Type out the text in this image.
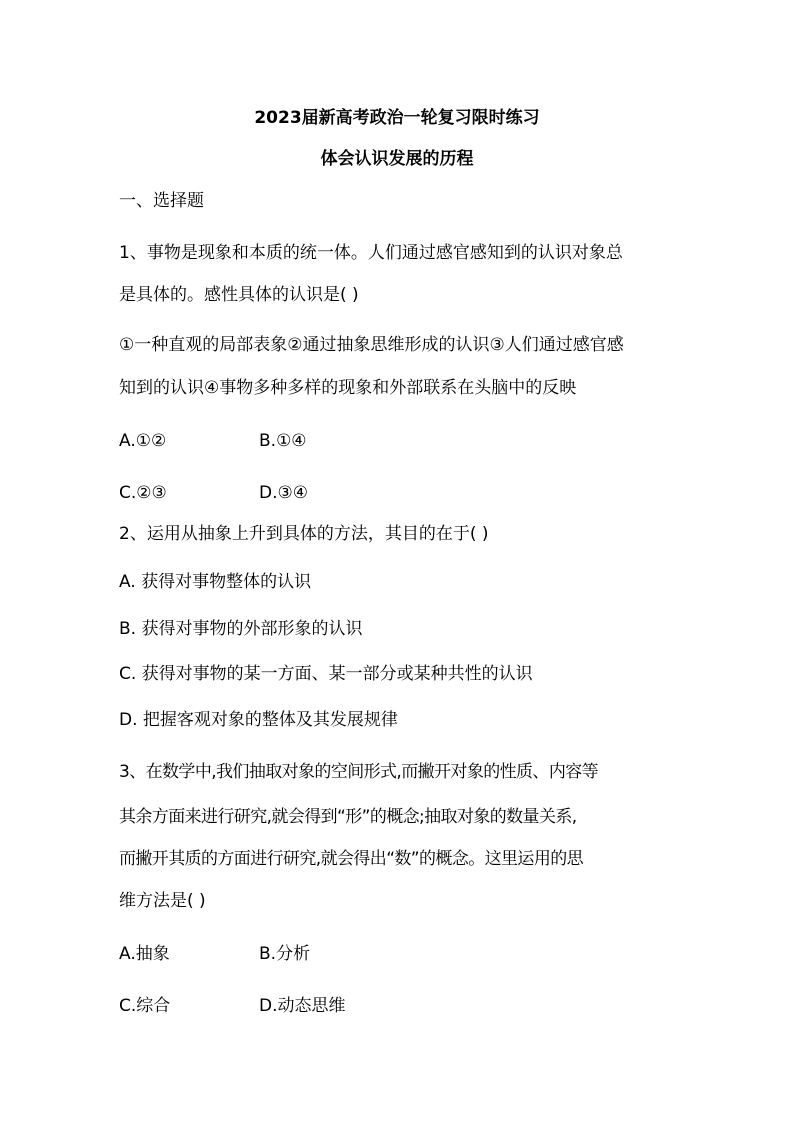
2023届新高考政治一轮复习限时练习
体会认识发展的历程
一、选择题
1、事物是现象和本质的统一体。人们通过感官感知到的认识对象总
是具体的。感性具体的认识是( )
①一种直观的局部表象②通过抽象思维形成的认识③人们通过感官感
知到的认识④事物多种多样的现象和外部联系在头脑中的反映
A.①②	B.①④
C.②③	D.③④
2、运用从抽象上升到具体的方法，其目的在于( )
A. 获得对事物整体的认识
B. 获得对事物的外部形象的认识
C. 获得对事物的某一方面、某一部分或某种共性的认识
D. 把握客观对象的整体及其发展规律
3、在数学中,我们抽取对象的空间形式,而撇开对象的性质、内容等
其余方面来进行研究,就会得到“形”的概念;抽取对象的数量关系,
而撇开其质的方面进行研究,就会得出“数”的概念。这里运用的思
维方法是( )
A.抽象	B.分析
C.综合	D.动态思维
